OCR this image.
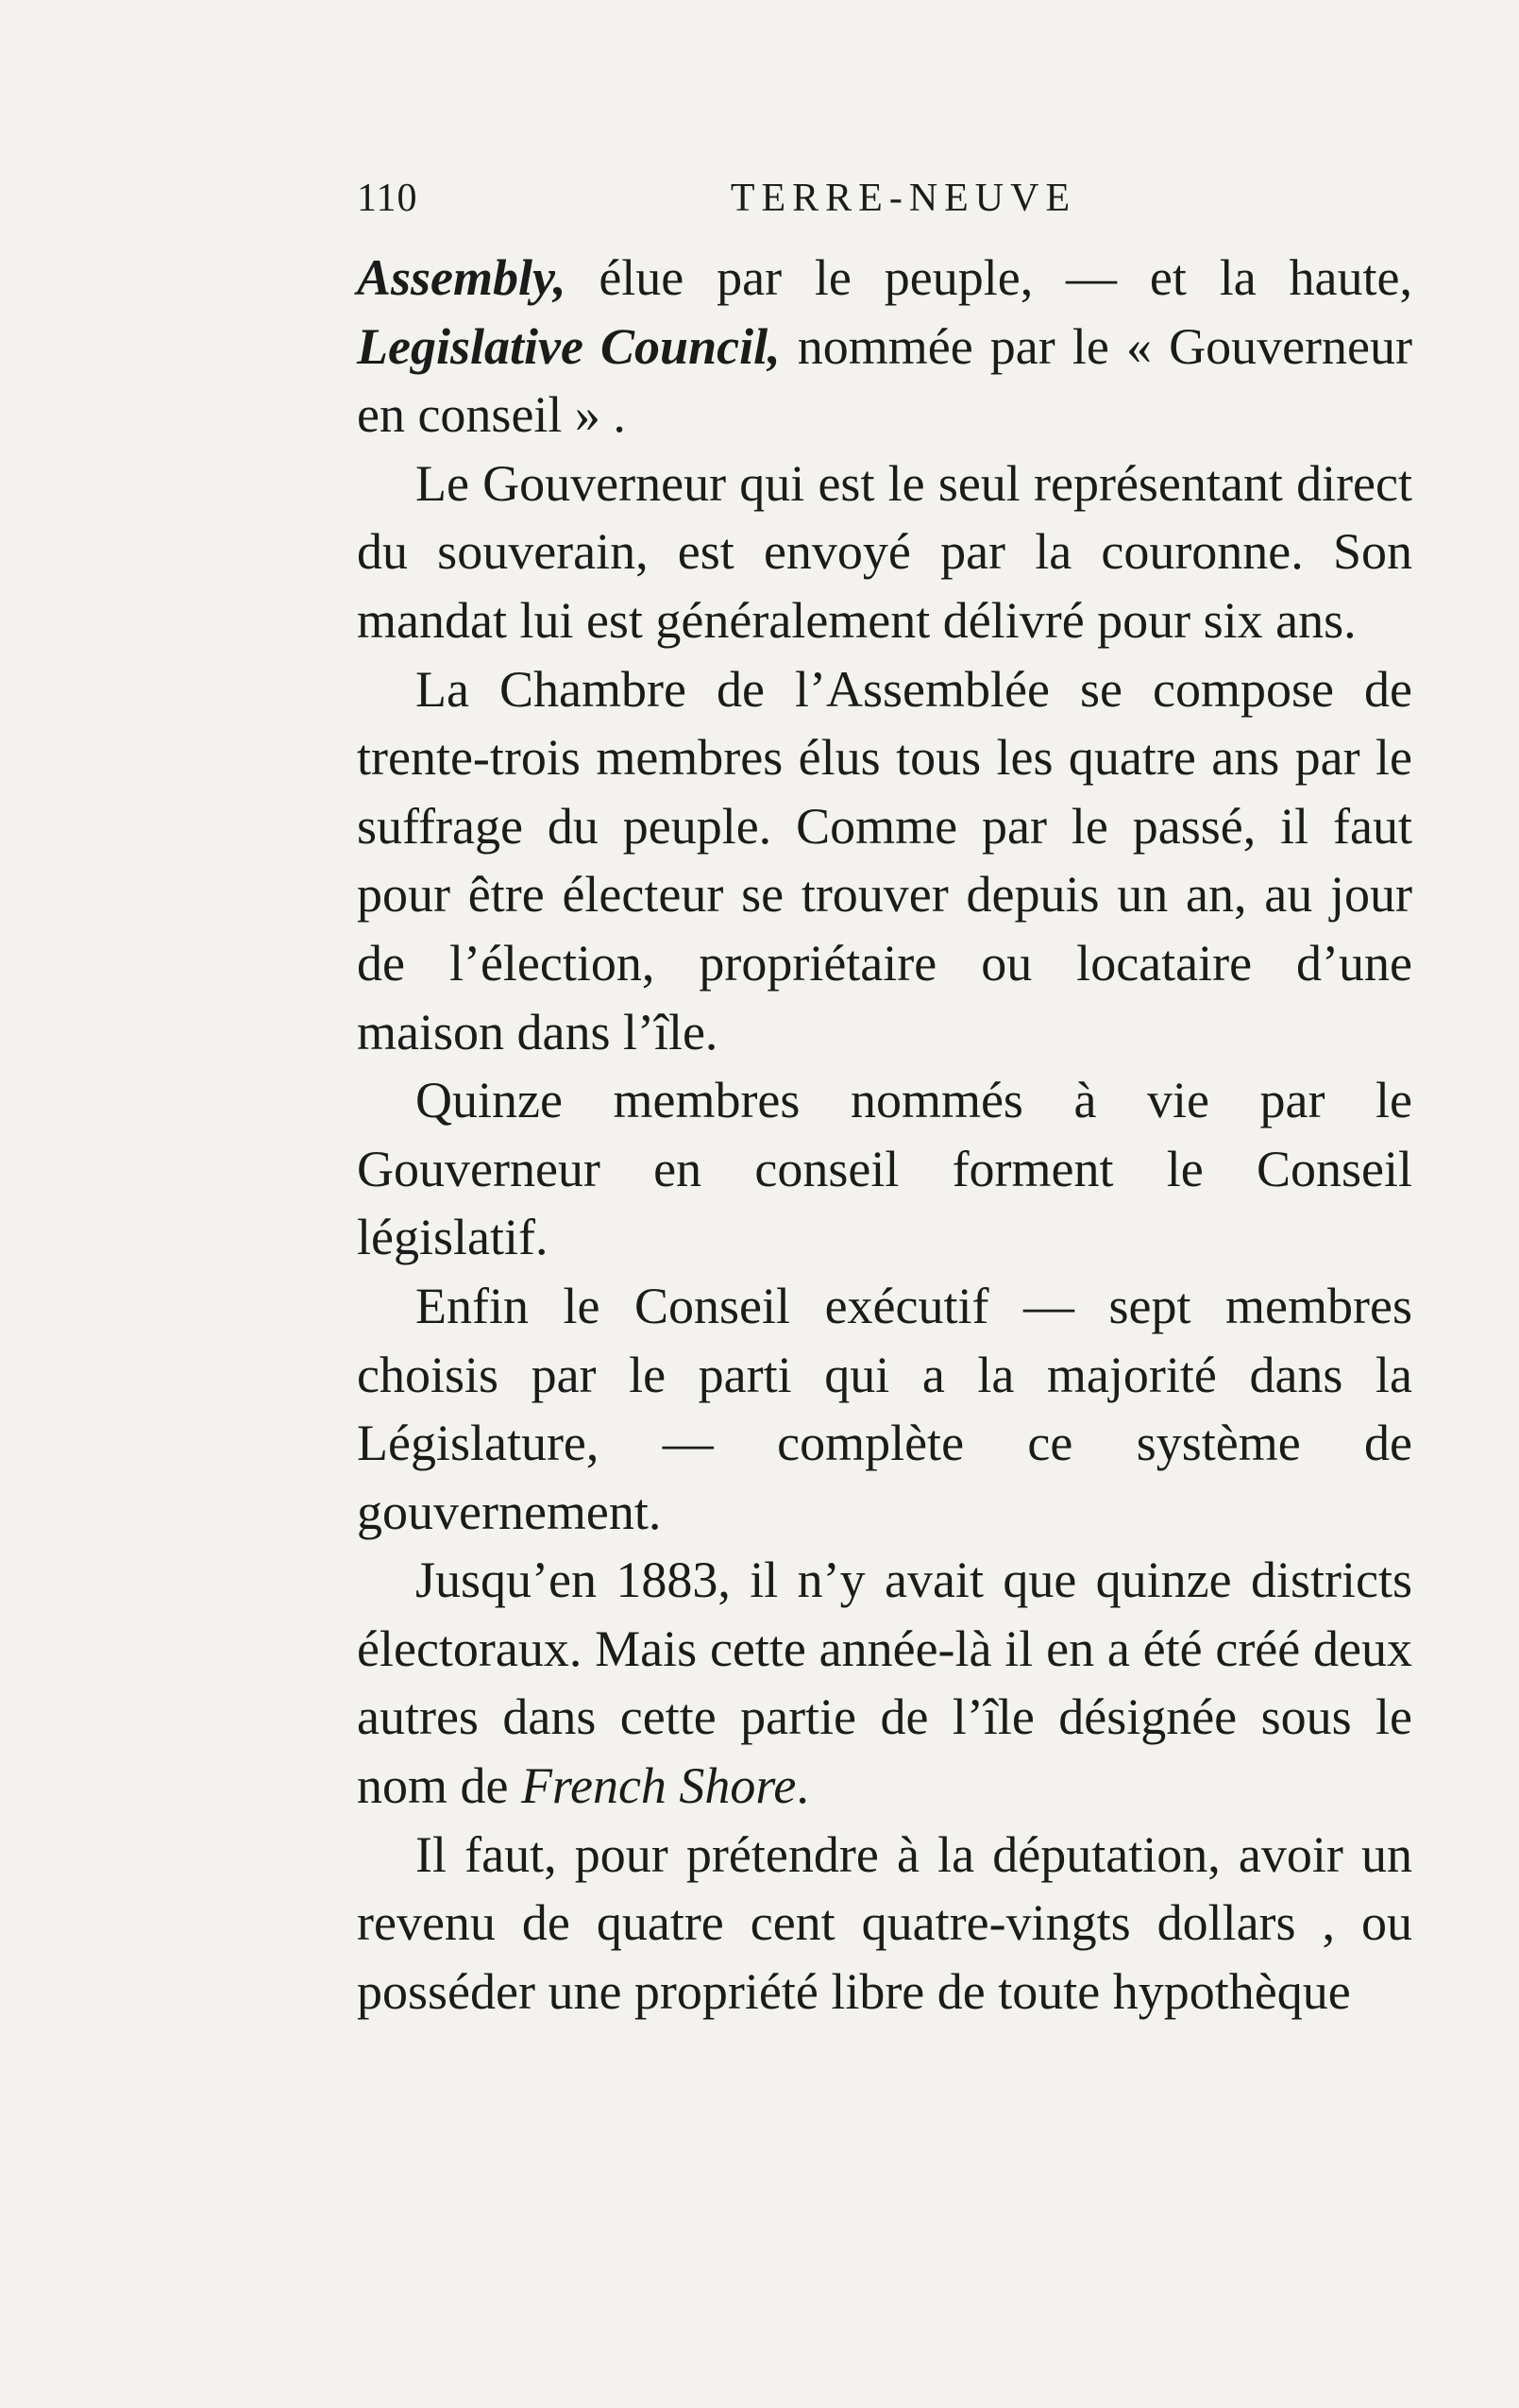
110	TERRE-NEUVE

Assembly, élue par le peuple, — et la haute, Legislative Council, nommée par le « Gouverneur en conseil » .

Le Gouverneur qui est le seul représentant direct du souverain, est envoyé par la couronne. Son mandat lui est généralement délivré pour six ans.

La Chambre de l’Assemblée se compose de trente-trois membres élus tous les quatre ans par le suffrage du peuple. Comme par le passé, il faut pour être électeur se trouver depuis un an, au jour de l’élection, propriétaire ou locataire d’une maison dans l’île.

Quinze membres nommés à vie par le Gouverneur en conseil forment le Conseil législatif.

Enfin le Conseil exécutif — sept membres choisis par le parti qui a la majorité dans la Législature, — complète ce système de gouvernement.

Jusqu’en 1883, il n’y avait que quinze districts électoraux. Mais cette année-là il en a été créé deux autres dans cette partie de l’île désignée sous le nom de French Shore.

Il faut, pour prétendre à la députation, avoir un revenu de quatre cent quatre-vingts dollars , ou posséder une propriété libre de toute hypothèque
